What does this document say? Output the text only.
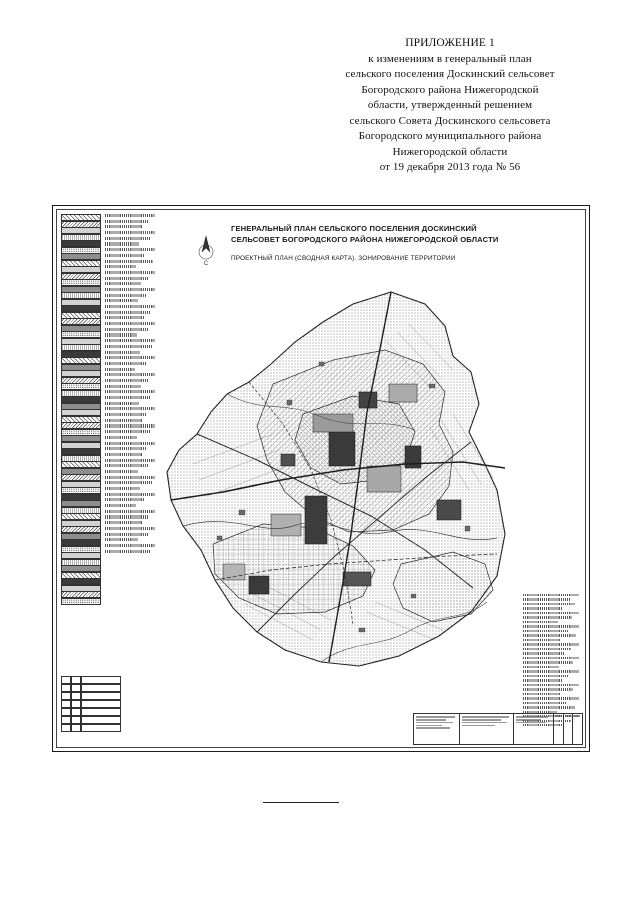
ПРИЛОЖЕНИЕ 1
к изменениям в генеральный план
сельского поселения Доскинский сельсовет
Богородского района Нижегородской
области, утвержденный решением
сельского Совета Доскинского сельсовета
Богородского муниципального района
Нижегородской области
от 19 декабря 2013 года № 56
С
ГЕНЕРАЛЬНЫЙ ПЛАН СЕЛЬСКОГО ПОСЕЛЕНИЯ ДОСКИНСКИЙ
СЕЛЬСОВЕТ БОГОРОДСКОГО РАЙОНА НИЖЕГОРОДСКОЙ ОБЛАСТИ
ПРОЕКТНЫЙ ПЛАН (СВОДНАЯ КАРТА). ЗОНИРОВАНИЕ ТЕРРИТОРИИ
